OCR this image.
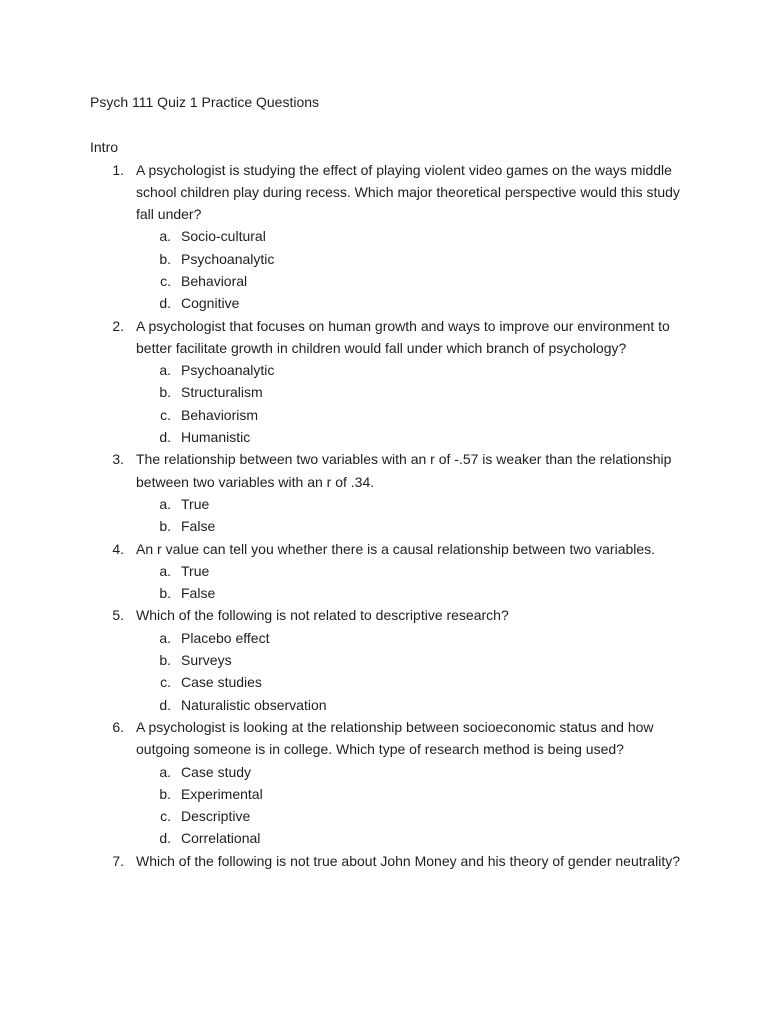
Psych 111 Quiz 1 Practice Questions
Intro
1. A psychologist is studying the effect of playing violent video games on the ways middle school children play during recess. Which major theoretical perspective would this study fall under?
a. Socio-cultural
b. Psychoanalytic
c. Behavioral
d. Cognitive
2. A psychologist that focuses on human growth and ways to improve our environment to better facilitate growth in children would fall under which branch of psychology?
a. Psychoanalytic
b. Structuralism
c. Behaviorism
d. Humanistic
3. The relationship between two variables with an r of -.57 is weaker than the relationship between two variables with an r of .34.
a. True
b. False
4. An r value can tell you whether there is a causal relationship between two variables.
a. True
b. False
5. Which of the following is not related to descriptive research?
a. Placebo effect
b. Surveys
c. Case studies
d. Naturalistic observation
6. A psychologist is looking at the relationship between socioeconomic status and how outgoing someone is in college. Which type of research method is being used?
a. Case study
b. Experimental
c. Descriptive
d. Correlational
7. Which of the following is not true about John Money and his theory of gender neutrality?
